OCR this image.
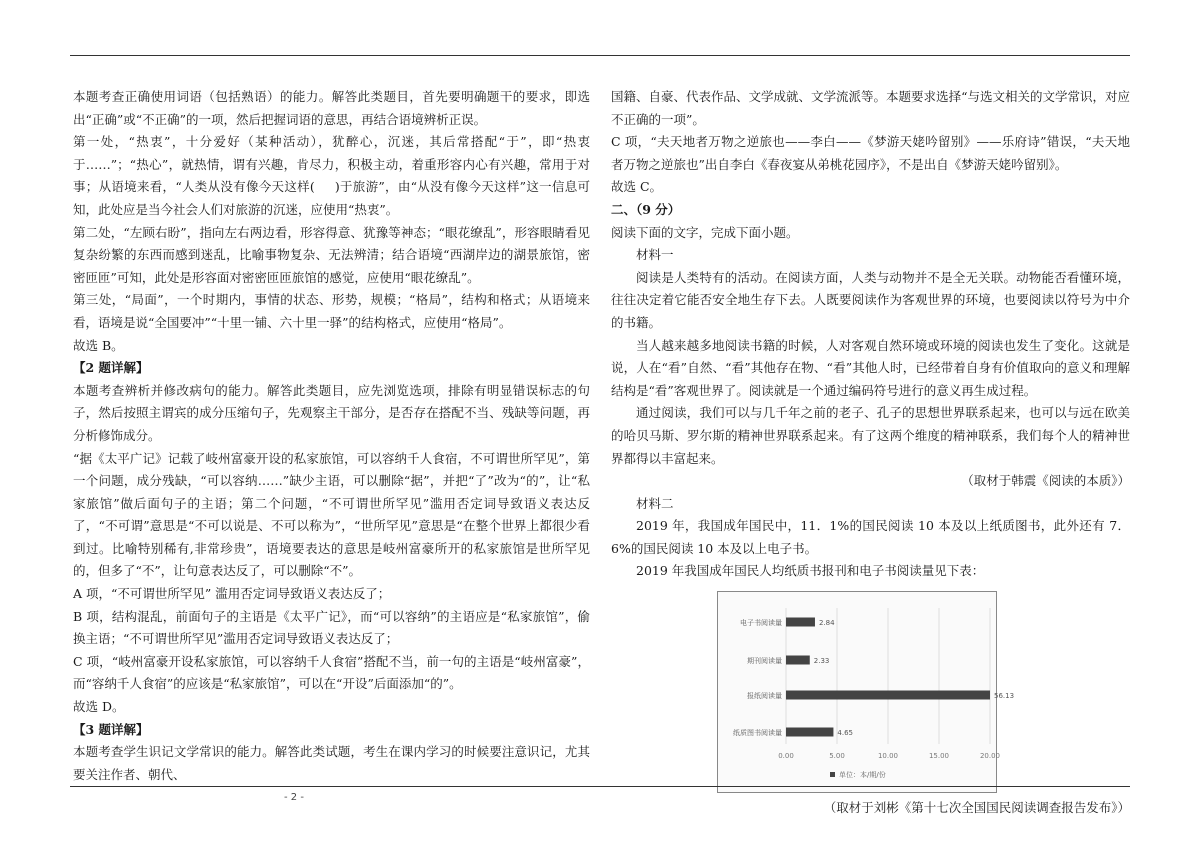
本题考查正确使用词语（包括熟语）的能力。解答此类题目，首先要明确题干的要求，即选出“正确”或“不正确”的一项，然后把握词语的意思，再结合语境辨析正误。

第一处，“热衷”，十分爱好（某种活动），犹醉心，沉迷，其后常搭配“于”，即“热衷于……”；“热心”，就热情，谓有兴趣，肯尽力，积极主动，着重形容内心有兴趣，常用于对事；从语境来看，“人类从没有像今天这样( )于旅游”，由“从没有像今天这样”这一信息可知，此处应是当今社会人们对旅游的沉迷，应使用“热衷”。

第二处，“左顾右盼”，指向左右两边看，形容得意、犹豫等神态；“眼花缭乱”，形容眼睛看见复杂纷繁的东西而感到迷乱，比喻事物复杂、无法辨清；结合语境“西湖岸边的湖景旅馆，密密匝匝”可知，此处是形容面对密密匝匝旅馆的感觉，应使用“眼花缭乱”。

第三处，“局面”，一个时期内，事情的状态、形势，规模；“格局”，结构和格式；从语境来看，语境是说“全国要冲”“十里一铺、六十里一驿”的结构格式，应使用“格局”。

故选 B。

【2 题详解】

本题考查辨析并修改病句的能力。解答此类题目，应先浏览选项，排除有明显错误标志的句子，然后按照主谓宾的成分压缩句子，先观察主干部分，是否存在搭配不当、残缺等问题，再分析修饰成分。

“据《太平广记》记载了岐州富豪开设的私家旅馆，可以容纳千人食宿，不可谓世所罕见”，第一个问题，成分残缺，“可以容纳……”缺少主语，可以删除“据”，并把“了”改为“的”，让“私家旅馆”做后面句子的主语；第二个问题，“不可谓世所罕见”滥用否定词导致语义表达反了，“不可谓”意思是“不可以说是、不可以称为”，“世所罕见”意思是“在整个世界上都很少看到过。比喻特别稀有,非常珍贵”，语境要表达的意思是岐州富豪所开的私家旅馆是世所罕见的，但多了“不”，让句意表达反了，可以删除“不”。

A 项，“不可谓世所罕见” 滥用否定词导致语义表达反了；

B 项，结构混乱，前面句子的主语是《太平广记》，而“可以容纳”的主语应是“私家旅馆”，偷换主语；“不可谓世所罕见”滥用否定词导致语义表达反了；

C 项，“岐州富豪开设私家旅馆，可以容纳千人食宿”搭配不当，前一句的主语是“岐州富豪”，而“容纳千人食宿”的应该是“私家旅馆”，可以在“开设”后面添加“的”。

故选 D。

【3 题详解】

本题考查学生识记文学常识的能力。解答此类试题，考生在课内学习的时候要注意识记，尤其要关注作者、朝代、

国籍、自豪、代表作品、文学成就、文学流派等。本题要求选择“与选文相关的文学常识，对应不正确的一项”。

C 项，“夫天地者万物之逆旅也——李白——《梦游天姥吟留别》——乐府诗”错误，“夫天地者万物之逆旅也”出自李白《春夜宴从弟桃花园序》，不是出自《梦游天姥吟留别》。

故选 C。

二、（9 分）

阅读下面的文字，完成下面小题。

材料一

阅读是人类特有的活动。在阅读方面，人类与动物并不是全无关联。动物能否看懂环境，往往决定着它能否安全地生存下去。人既要阅读作为客观世界的环境，也要阅读以符号为中介的书籍。

当人越来越多地阅读书籍的时候，人对客观自然环境或环境的阅读也发生了变化。这就是说，人在“看”自然、“看”其他存在物、“看”其他人时，已经带着自身有价值取向的意义和理解结构是“看”客观世界了。阅读就是一个通过编码符号进行的意义再生成过程。

通过阅读，我们可以与几千年之前的老子、孔子的思想世界联系起来，也可以与远在欧美的哈贝马斯、罗尔斯的精神世界联系起来。有了这两个维度的精神联系，我们每个人的精神世界都得以丰富起来。

（取材于韩震《阅读的本质》）

材料二

2019 年，我国成年国民中，11．1%的国民阅读 10 本及以上纸质图书，此外还有 7．6%的国民阅读 10 本及以上电子书。

2019 年我国成年国民人均纸质书报刊和电子书阅读量见下表：

0.00	5.00	10.00	15.00	20.00
电子书阅读量	2.84
期刊阅读量	2.33
报纸阅读量	56.13
纸质图书阅读量	4.65
单位：本/期/份

（取材于刘彬《第十七次全国国民阅读调查报告发布》）

- 2 -
